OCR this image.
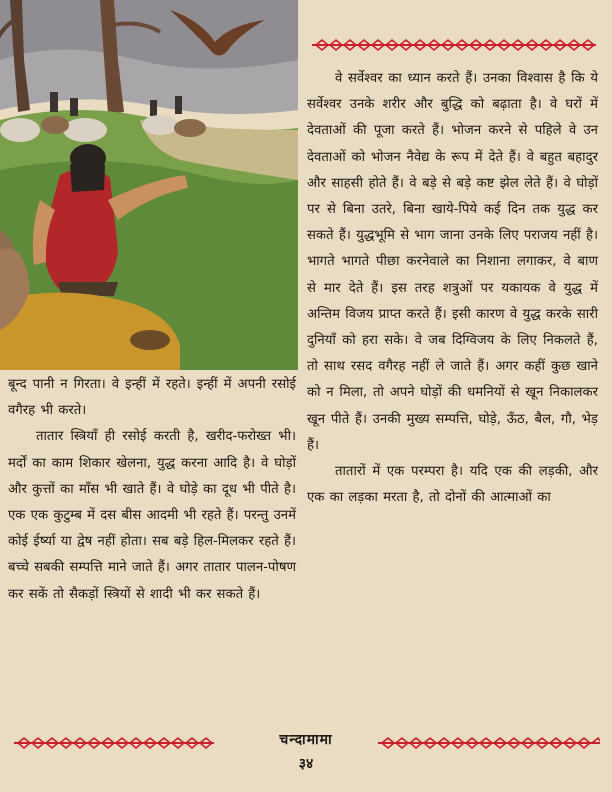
वे सर्वेश्वर का ध्यान करते हैं। उनका विश्वास है कि ये सर्वेश्वर उनके शरीर और बुद्धि को बढ़ाता है। वे घरों में देवताओं की पूजा करते हैं। भोजन करने से पहिले वे उन देवताओं को भोजन नैवेद्य के रूप में देते हैं। वे बहुत बहादुर और साहसी होते हैं। वे बड़े से बड़े कष्ट झेल लेते हैं। वे घोड़ों पर से बिना उतरे, बिना खाये-पिये कई दिन तक युद्ध कर सकते हैं। युद्धभूमि से भाग जाना उनके लिए पराजय नहीं है। भागते भागते पीछा करनेवाले का निशाना लगाकर, वे बाण से मार देते हैं। इस तरह शत्रुओं पर यकायक वे युद्ध में अन्तिम विजय प्राप्त करते हैं। इसी कारण वे युद्ध करके सारी दुनियाँ को हरा सके। वे जब दिग्विजय के लिए निकलते हैं, तो साथ रसद वगैरह नहीं ले जाते हैं। अगर कहीं कुछ खाने को न मिला, तो अपने घोड़ों की धमनियों से खून निकालकर खून पीते हैं। उनकी मुख्य सम्पत्ति, घोड़े, ऊँठ, बैल, गौ, भेड़ हैं।

तातारों में एक परम्परा है। यदि एक की लड़की, और एक का लड़का मरता है, तो दोनों की आत्माओं का

बून्द पानी न गिरता। वे इन्हीं में रहते। इन्हीं में अपनी रसोई वगैरह भी करते।

तातार स्त्रियाँ ही रसोई करती है, खरीद-फरोख्त भी। मर्दों का काम शिकार खेलना, युद्ध करना आदि है। वे घोड़ों और कुत्तों का माँस भी खाते हैं। वे घोड़े का दूध भी पीते है। एक एक कुटुम्ब में दस बीस आदमी भी रहते हैं। परन्तु उनमें कोई ईर्ष्या या द्वेष नहीं होता। सब बड़े हिल-मिलकर रहते हैं। बच्चे सबकी सम्पत्ति माने जाते हैं। अगर तातार पालन-पोषण कर सकें तो सैकड़ों स्त्रियों से शादी भी कर सकते हैं।

चन्दामामा
३४
